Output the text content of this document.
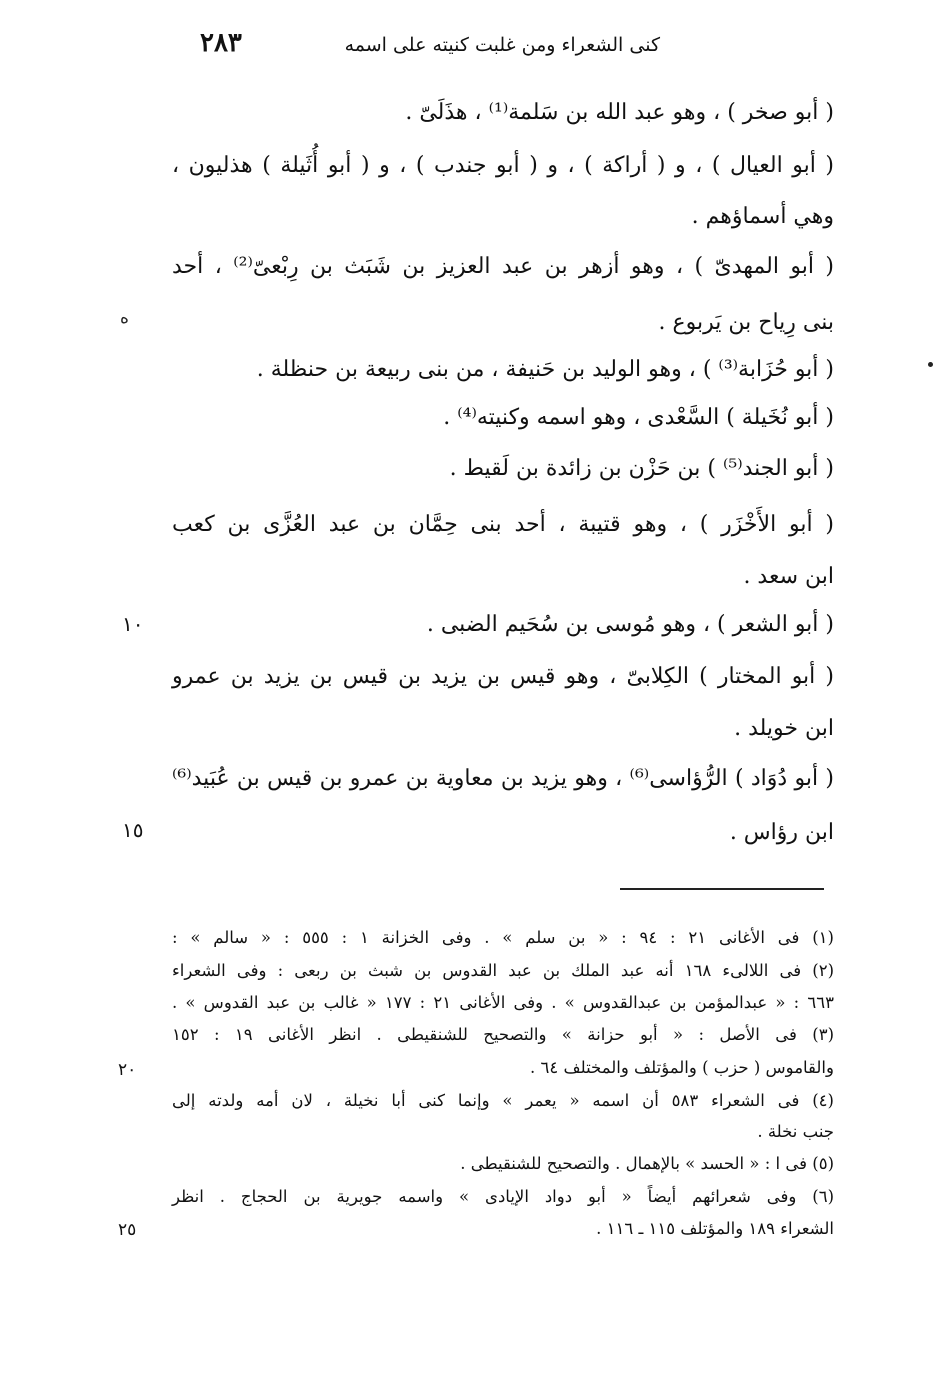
٢٨٣	كنى الشعراء ومن غلبت كنيته على اسمه
( أبو صخر ) ، وهو عبد الله بن سَلمة⁽¹⁾ ، هذَلَىّ .
( أبو العيال ) ، و ( أراكة ) ، و ( أبو جندب ) ، و ( أبو أُثَيلة ) هذليون ،
وهي أسماؤهم .
( أبو المهدىّ ) ، وهو أزهر بن عبد العزيز بن شَبَث بن رِبْعىّ⁽²⁾ ، أحد
بنى رِياح بن يَربوع .
( أبو حُزَابة⁽³⁾ ) ، وهو الوليد بن حَنيفة ، من بنى ربيعة بن حنظلة .
( أبو نُخَيلة ) السَّعْدى ، وهو اسمه وكنيته⁽⁴⁾ .
( أبو الجند⁽⁵⁾ ) بن حَزْن بن زائدة بن لَقيط .
( أبو الأَخْزَر ) ، وهو قتيبة ، أحد بنى حِمَّان بن عبد العُزَّى بن كعب
ابن سعد .
( أبو الشعر ) ، وهو مُوسى بن سُحَيم الضبى .
( أبو المختار ) الكِلابىّ ، وهو قيس بن يزيد بن قيس بن يزيد بن عمرو
ابن خويلد .
( أبو دُوَاد ) الرُّؤاسى⁽⁶⁾ ، وهو يزيد بن معاوية بن عمرو بن قيس بن عُبَيد⁽⁶⁾
ابن رؤاس .
ه
١٠
١٥
(١) فى الأغانى ٢١ : ٩٤ : « بن سلم » . وفى الخزانة ١ : ٥٥٥ : « سالم » :
(٢) فى اللالىء ١٦٨ أنه عبد الملك بن عبد القدوس بن شبث بن ربعى : وفى الشعراء
٦٦٣ : « عبدالمؤمن بن عبدالقدوس » . وفى الأغانى ٢١ : ١٧٧ « غالب بن عبد القدوس » .
(٣) فى الأصل : « أبو حزانة » والتصحيح للشنقيطى . انظر الأغانى ١٩ : ١٥٢
والقاموس ( حزب ) والمؤتلف والمختلف ٦٤ .
(٤) فى الشعراء ٥٨٣ أن اسمه « يعمر » وإنما كنى أبا نخيلة ، لان أمه ولدته إلى
جنب نخلة .
(٥) فى ا : « الحسد » بالإهمال . والتصحيح للشنقيطى .
(٦) وفى شعرائهم أيضاً « أبو دواد الإيادى » واسمه جويرية بن الحجاج . انظر
الشعراء ١٨٩ والمؤتلف ١١٥ ـ ١١٦ .
٢٠
٢٥
